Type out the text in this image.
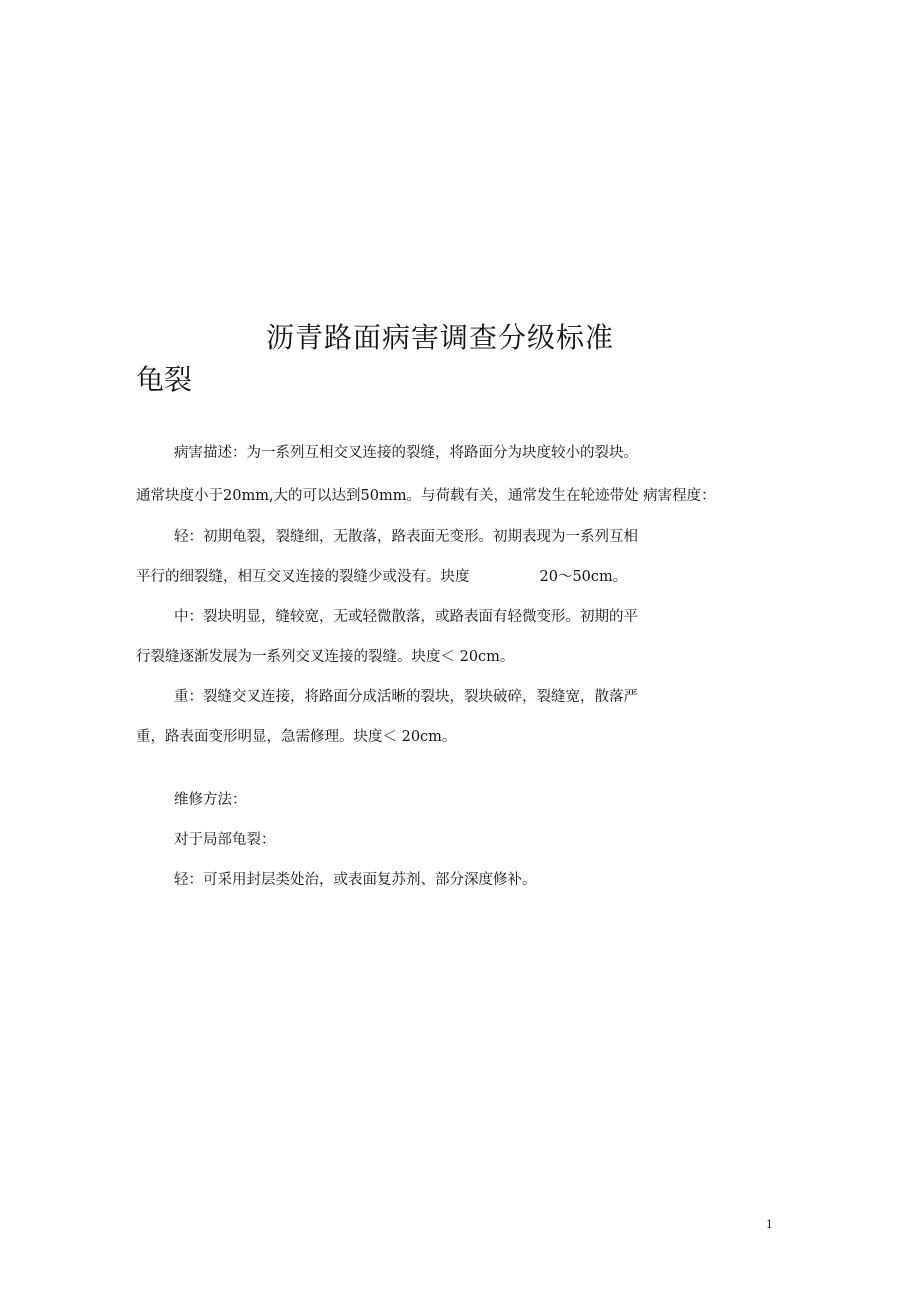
沥青路面病害调查分级标准
龟裂
病害描述：为一系列互相交叉连接的裂缝，将路面分为块度较小的裂块。
通常块度小于20mm,大的可以达到50mm。与荷载有关，通常发生在轮迹带处 病害程度：
轻：初期龟裂，裂缝细，无散落，路表面无变形。初期表现为一系列互相
平行的细裂缝，相互交叉连接的裂缝少或没有。块度	20～50cm。
中：裂块明显，缝较宽，无或轻微散落，或路表面有轻微变形。初期的平
行裂缝逐渐发展为一系列交叉连接的裂缝。块度＜ 20cm。
重：裂缝交叉连接，将路面分成活晰的裂块，裂块破碎，裂缝宽，散落严
重，路表面变形明显，急需修理。块度＜ 20cm。
维修方法：
对于局部龟裂：
轻：可采用封层类处治，或表面复苏剂、部分深度修补。
1
